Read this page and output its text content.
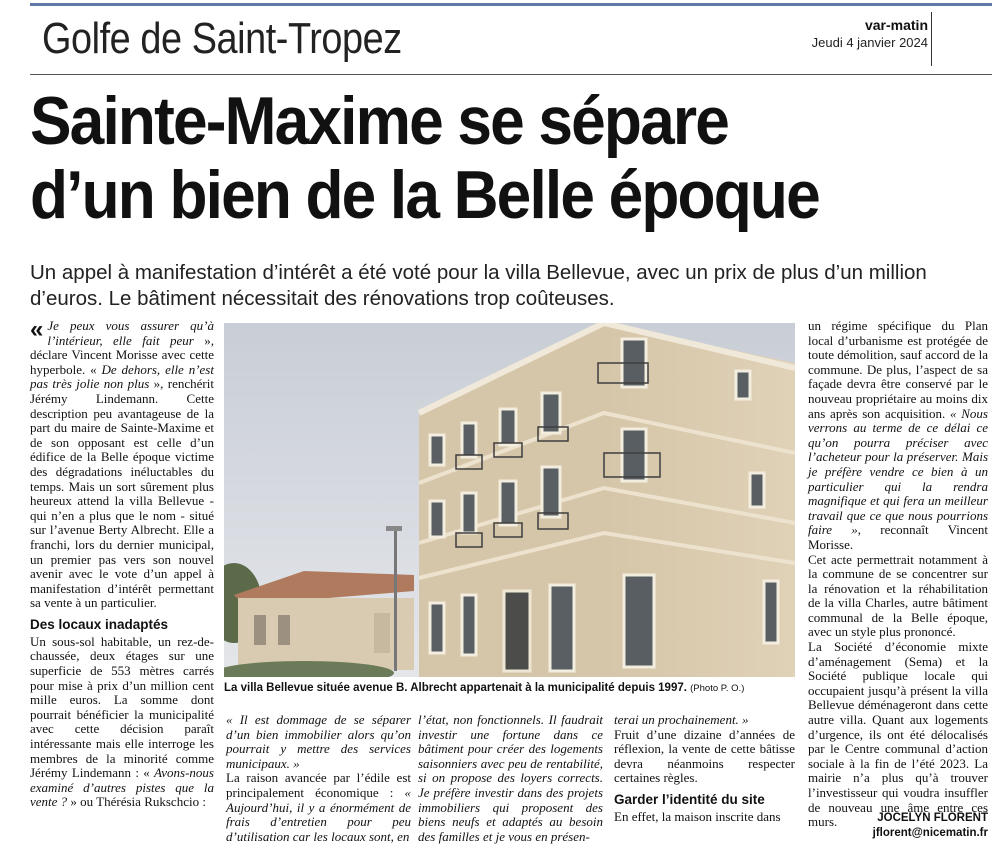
Golfe de Saint-Tropez	var-matin
Jeudi 4 janvier 2024
Sainte-Maxime se sépare
d’un bien de la Belle époque
Un appel à manifestation d’intérêt a été voté pour la villa Bellevue, avec un prix de plus d’un million d’euros. Le bâtiment nécessitait des rénovations trop coûteuses.

« Je peux vous assurer qu’à l’intérieur, elle fait peur », déclare Vincent Morisse avec cette hyperbole. « De dehors, elle n’est pas très jolie non plus », renchérit Jérémy Lindemann. Cette description peu avantageuse de la part du maire de Sainte-Maxime et de son opposant est celle d’un édifice de la Belle époque victime des dégradations inéluctables du temps. Mais un sort sûrement plus heureux attend la villa Bellevue - qui n’en a plus que le nom - situé sur l’avenue Berty Albrecht. Elle a franchi, lors du dernier municipal, un premier pas vers son nouvel avenir avec le vote d’un appel à manifestation d’intérêt permettant sa vente à un particulier.

Des locaux inadaptés

Un sous-sol habitable, un rez-de-chaussée, deux étages sur une superficie de 553 mètres carrés pour mise à prix d’un million cent mille euros. La somme dont pourrait bénéficier la municipalité avec cette décision paraît intéressante mais elle interroge les membres de la minorité comme Jérémy Lindemann : « Avons-nous examiné d’autres pistes que la vente ? » ou Thérésia Rukschcio :

La villa Bellevue située avenue B. Albrecht appartenait à la municipalité depuis 1997. (Photo P. O.)

« Il est dommage de se séparer d’un bien immobilier alors qu’on pourrait y mettre des services municipaux. »

La raison avancée par l’édile est principalement économique : « Aujourd’hui, il y a énormément de frais d’entretien pour peu d’utilisation car les locaux sont, en

l’état, non fonctionnels. Il faudrait investir une fortune dans ce bâtiment pour créer des logements saisonniers avec peu de rentabilité, si on propose des loyers corrects. Je préfère investir dans des projets immobiliers qui proposent des biens neufs et adaptés au besoin des familles et je vous en présen-

terai un prochainement. »

Fruit d’une dizaine d’années de réflexion, la vente de cette bâtisse devra néanmoins respecter certaines règles.

Garder l’identité du site

En effet, la maison inscrite dans

un régime spécifique du Plan local d’urbanisme est protégée de toute démolition, sauf accord de la commune. De plus, l’aspect de sa façade devra être conservé par le nouveau propriétaire au moins dix ans après son acquisition. « Nous verrons au terme de ce délai ce qu’on pourra préciser avec l’acheteur pour la préserver. Mais je préfère vendre ce bien à un particulier qui la rendra magnifique et qui fera un meilleur travail que ce que nous pourrions faire », reconnaît Vincent Morisse.

Cet acte permettrait notamment à la commune de se concentrer sur la rénovation et la réhabilitation de la villa Charles, autre bâtiment communal de la Belle époque, avec un style plus prononcé.

La Société d’économie mixte d’aménagement (Sema) et la Société publique locale qui occupaient jusqu’à présent la villa Bellevue déménageront dans cette autre villa. Quant aux logements d’urgence, ils ont été délocalisés par le Centre communal d’action sociale à la fin de l’été 2023. La mairie n’a plus qu’à trouver l’investisseur qui voudra insuffler de nouveau une âme entre ces murs.	JOCELYN FLORENT
jflorent@nicematin.fr
